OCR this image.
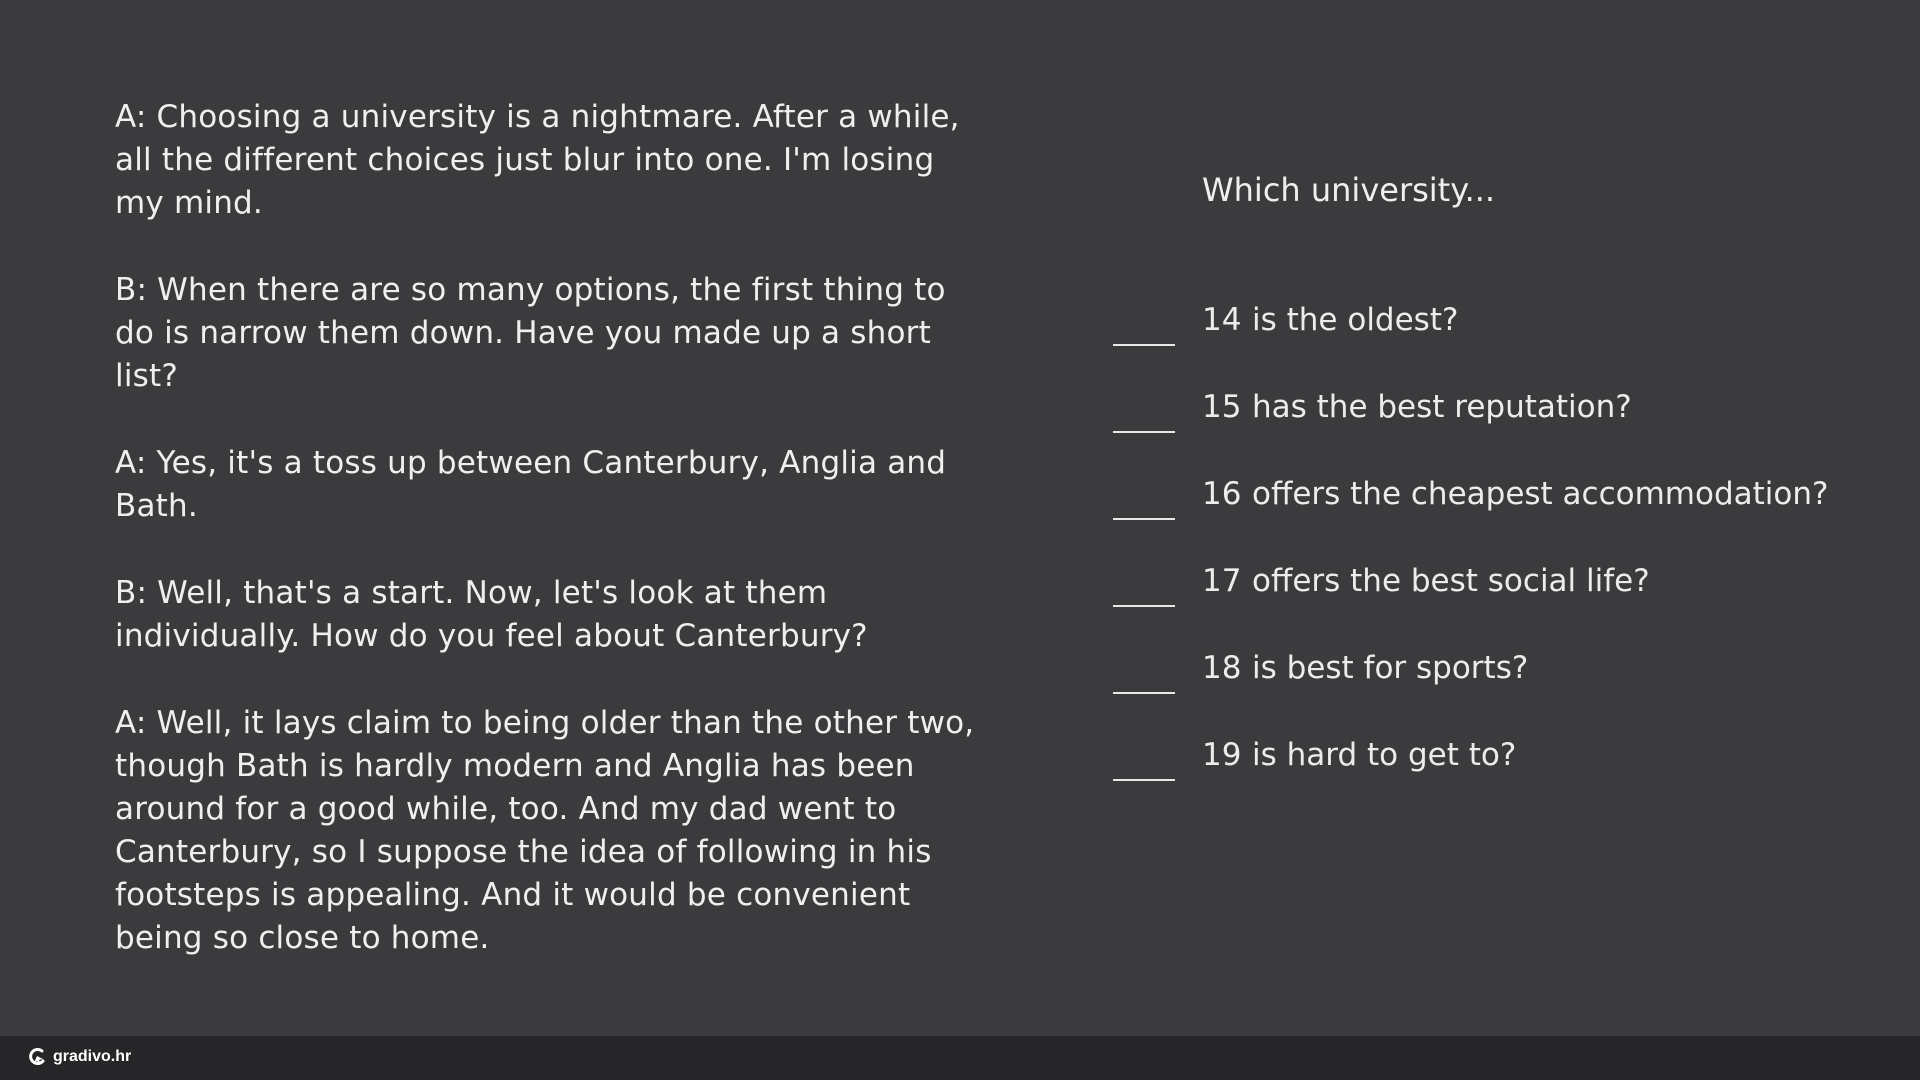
A: Choosing a university is a nightmare. After a while, all the different choices just blur into one. I'm losing my mind.

B: When there are so many options, the first thing to do is narrow them down. Have you made up a short list?

A: Yes, it's a toss up between Canterbury, Anglia and Bath.

B: Well, that's a start. Now, let's look at them individually. How do you feel about Canterbury?

A: Well, it lays claim to being older than the other two, though Bath is hardly modern and Anglia has been around for a good while, too. And my dad went to Canterbury, so I suppose the idea of following in his footsteps is appealing. And it would be convenient being so close to home.

Which university...
14 is the oldest?
15 has the best reputation?
16 offers the cheapest accommodation?
17 offers the best social life?
18 is best for sports?
19 is hard to get to?
gradivo.hr
